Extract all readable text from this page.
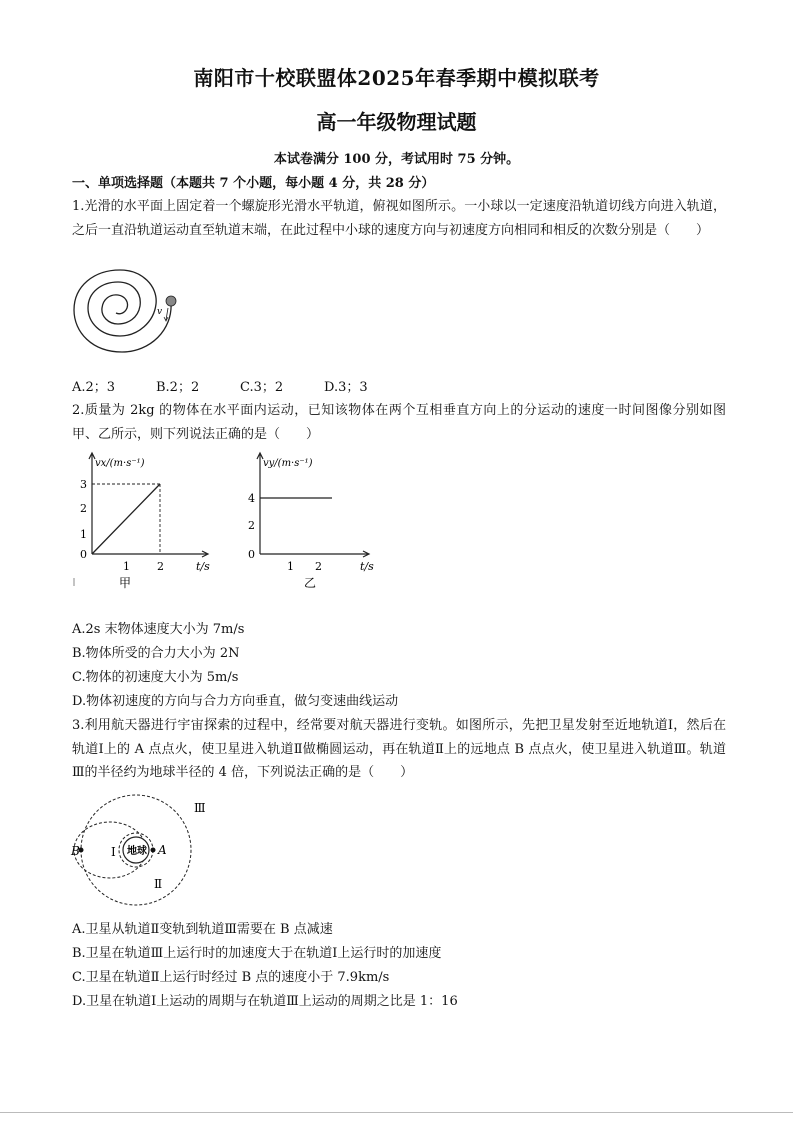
南阳市十校联盟体2025年春季期中模拟联考
高一年级物理试题
本试卷满分 100 分，考试用时 75 分钟。
一、单项选择题（本题共 7 个小题，每小题 4 分，共 28 分）
1.光滑的水平面上固定着一个螺旋形光滑水平轨道，俯视如图所示。一小球以一定速度沿轨道切线方向进入轨道，之后一直沿轨道运动直至轨道末端，在此过程中小球的速度方向与初速度方向相同和相反的次数分别是（　　）
v
A.2；3	B.2；2	C.3；2	D.3；3
2.质量为 2kg 的物体在水平面内运动，已知该物体在两个互相垂直方向上的分运动的速度一时间图像分别如图甲、乙所示，则下列说法正确的是（　　）
vx/(m·s⁻¹)
t/s
0
1
2
3
1 2
甲
vy/(m·s⁻¹)
t/s
0
2
4
1 2
乙
A.2s 末物体速度大小为 7m/s
B.物体所受的合力大小为 2N
C.物体的初速度大小为 5m/s
D.物体初速度的方向与合力方向垂直，做匀变速曲线运动
3.利用航天器进行宇宙探索的过程中，经常要对航天器进行变轨。如图所示，先把卫星发射至近地轨道Ⅰ，然后在轨道Ⅰ上的 A 点点火，使卫星进入轨道Ⅱ做椭圆运动，再在轨道Ⅱ上的远地点 B 点点火，使卫星进入轨道Ⅲ。轨道Ⅲ的半径约为地球半径的 4 倍，下列说法正确的是（　　）
地球 A
B	Ⅰ
Ⅱ
Ⅲ
A.卫星从轨道Ⅱ变轨到轨道Ⅲ需要在 B 点减速
B.卫星在轨道Ⅲ上运行时的加速度大于在轨道Ⅰ上运行时的加速度
C.卫星在轨道Ⅱ上运行时经过 B 点的速度小于 7.9km/s
D.卫星在轨道Ⅰ上运动的周期与在轨道Ⅲ上运动的周期之比是 1：16
